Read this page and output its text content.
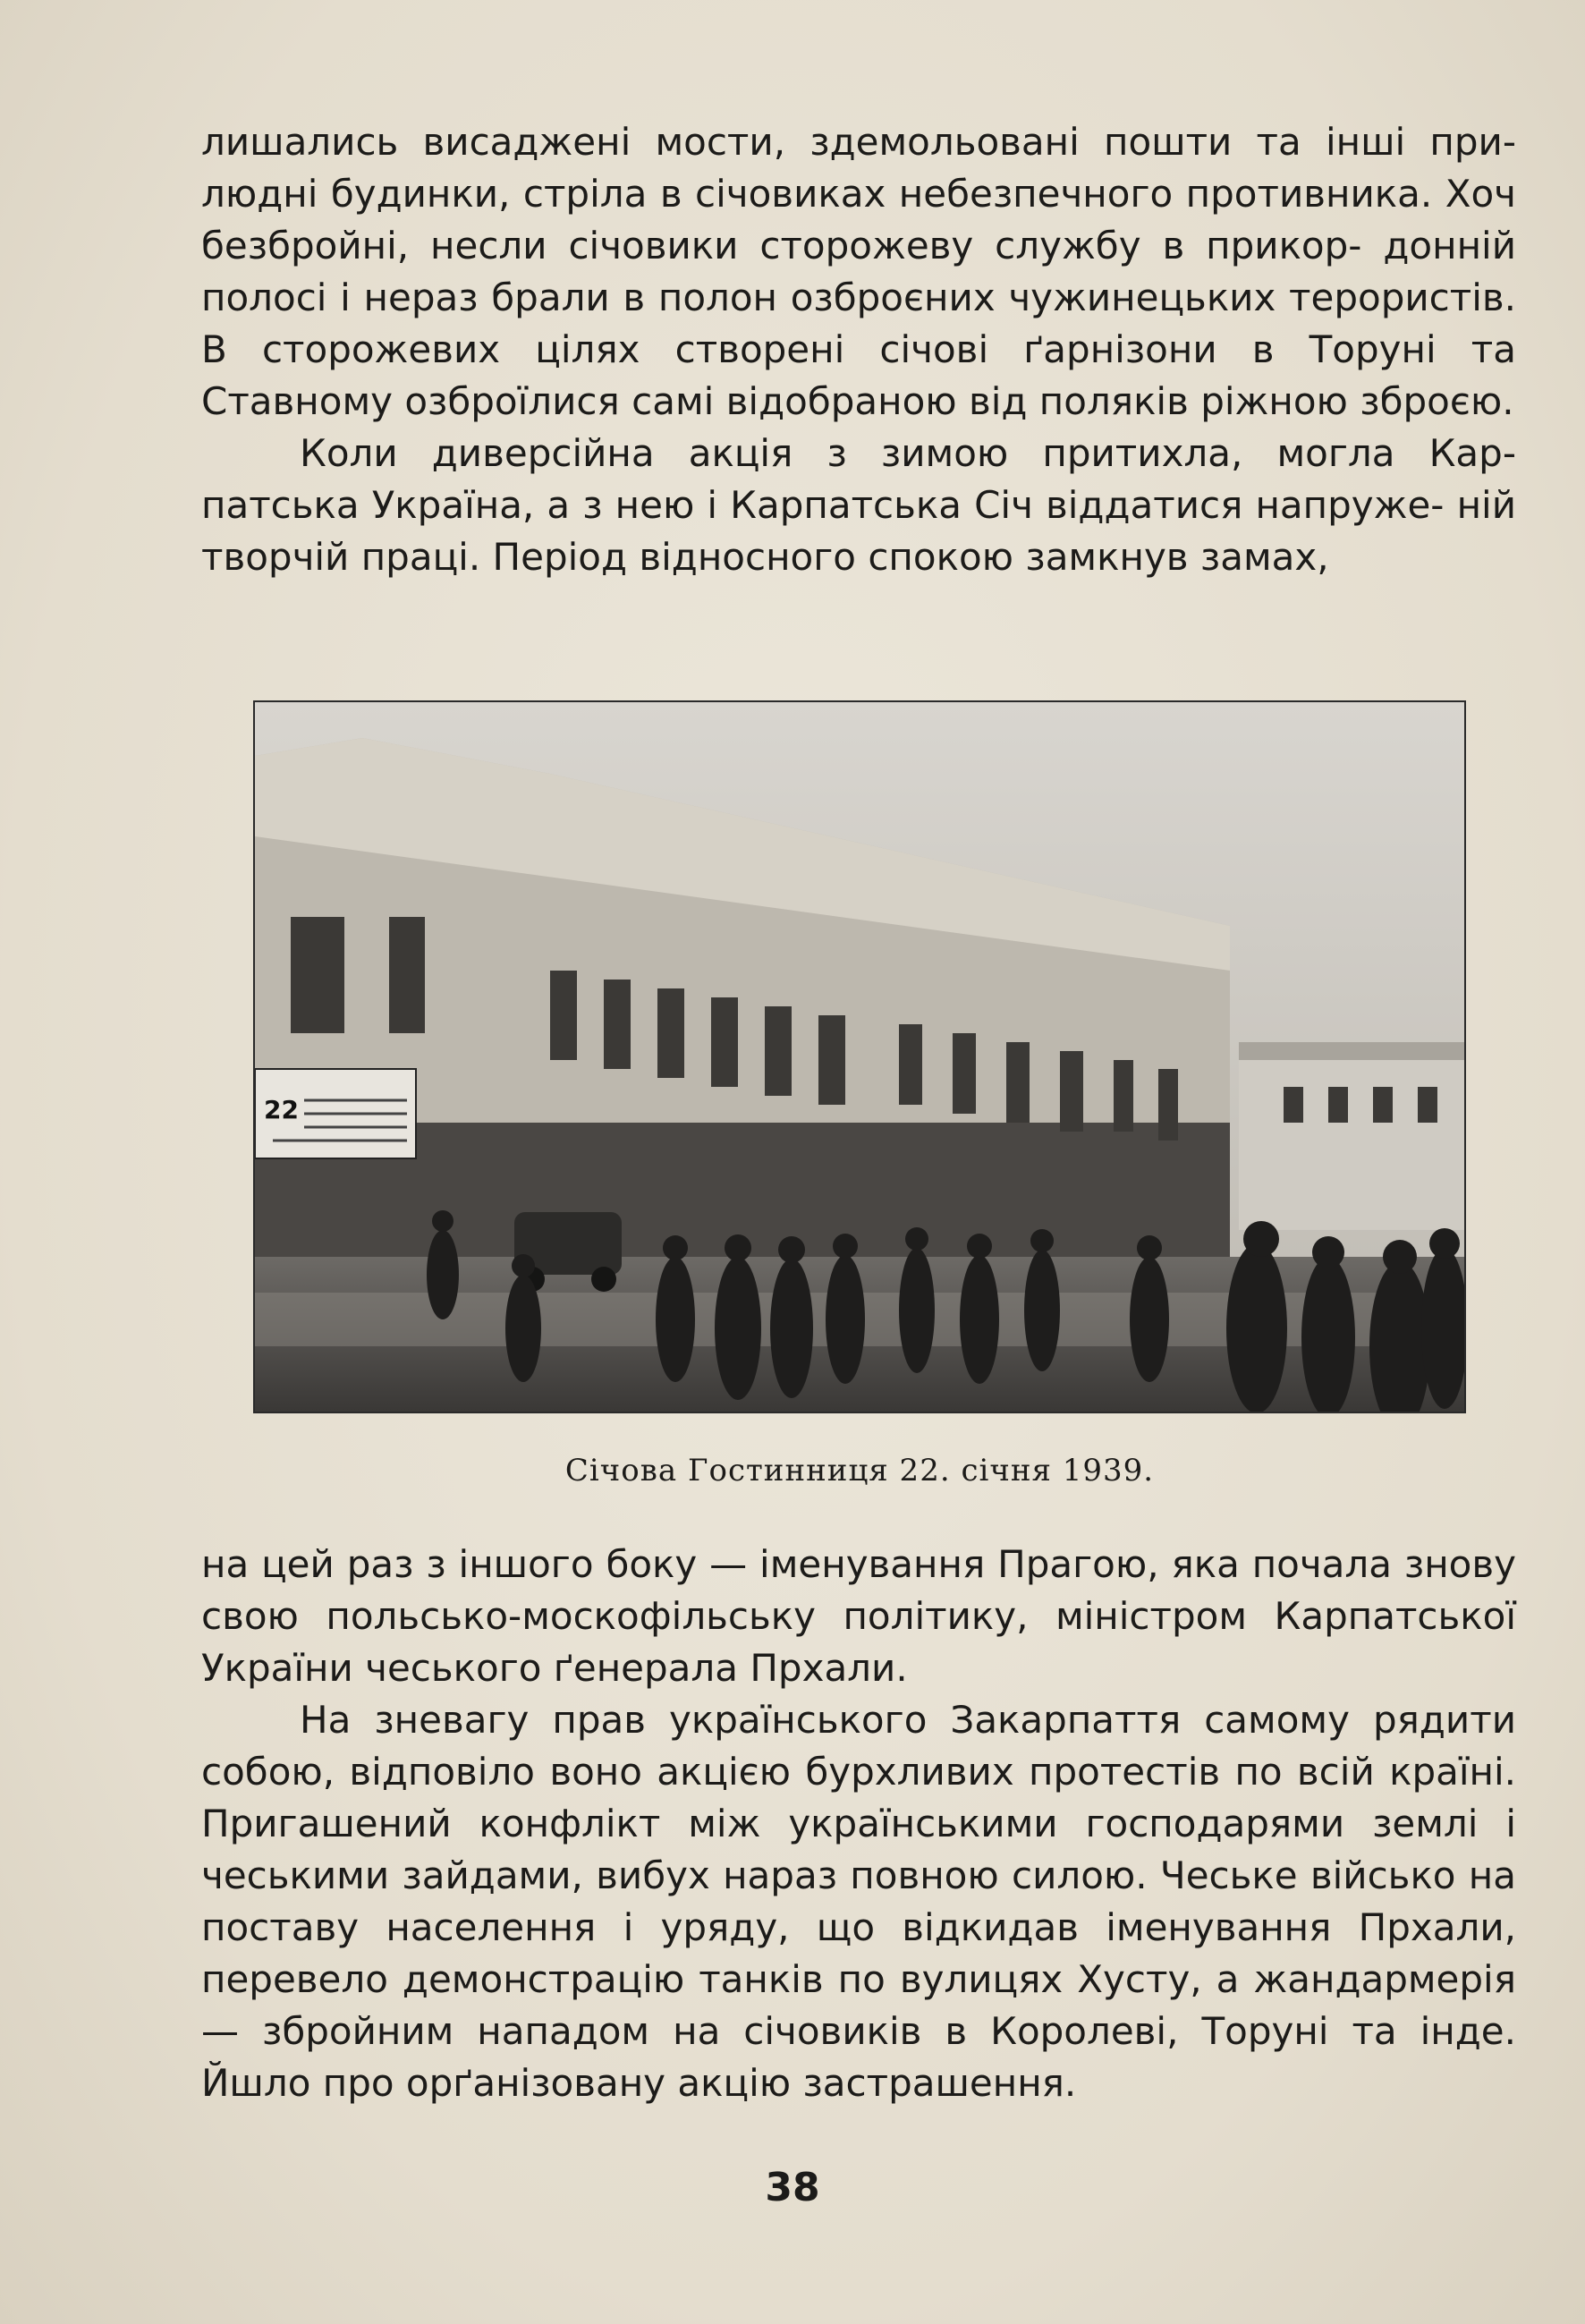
лишались висаджені мости, здемольовані пошти та інші при- людні будинки, стріла в січовиках небезпечного противника. Хоч безбройні, несли січовики сторожеву службу в прикор- донній полосі і нераз брали в полон озброєних чужинецьких терористів. В сторожевих цілях створені січові ґарнізони в Торуні та Ставному озброїлися самі відобраною від поляків ріжною зброєю.

Коли диверсійна акція з зимою притихла, могла Кар- патська Україна, а з нею і Карпатська Січ віддатися напруже- ній творчій праці. Період відносного спокою замкнув замах,

22
Січова Гостинниця 22. січня 1939.

на цей раз з іншого боку — іменування Прагою, яка почала знову свою польсько-москофільську політику, міністром Карпатської України чеського ґенерала Прхали.

На зневагу прав українського Закарпаття самому рядити собою, відповіло воно акцією бурхливих протестів по всій країні. Пригашений конфлікт між українськими господарями землі і чеськими зайдами, вибух нараз повною силою. Чеське військо на поставу населення і уряду, що відкидав іменування Прхали, перевело демонстрацію танків по вулицях Хусту, а жандармерія — збройним нападом на січовиків в Королеві, Торуні та інде. Йшло про орґанізовану акцію застрашення.

38
